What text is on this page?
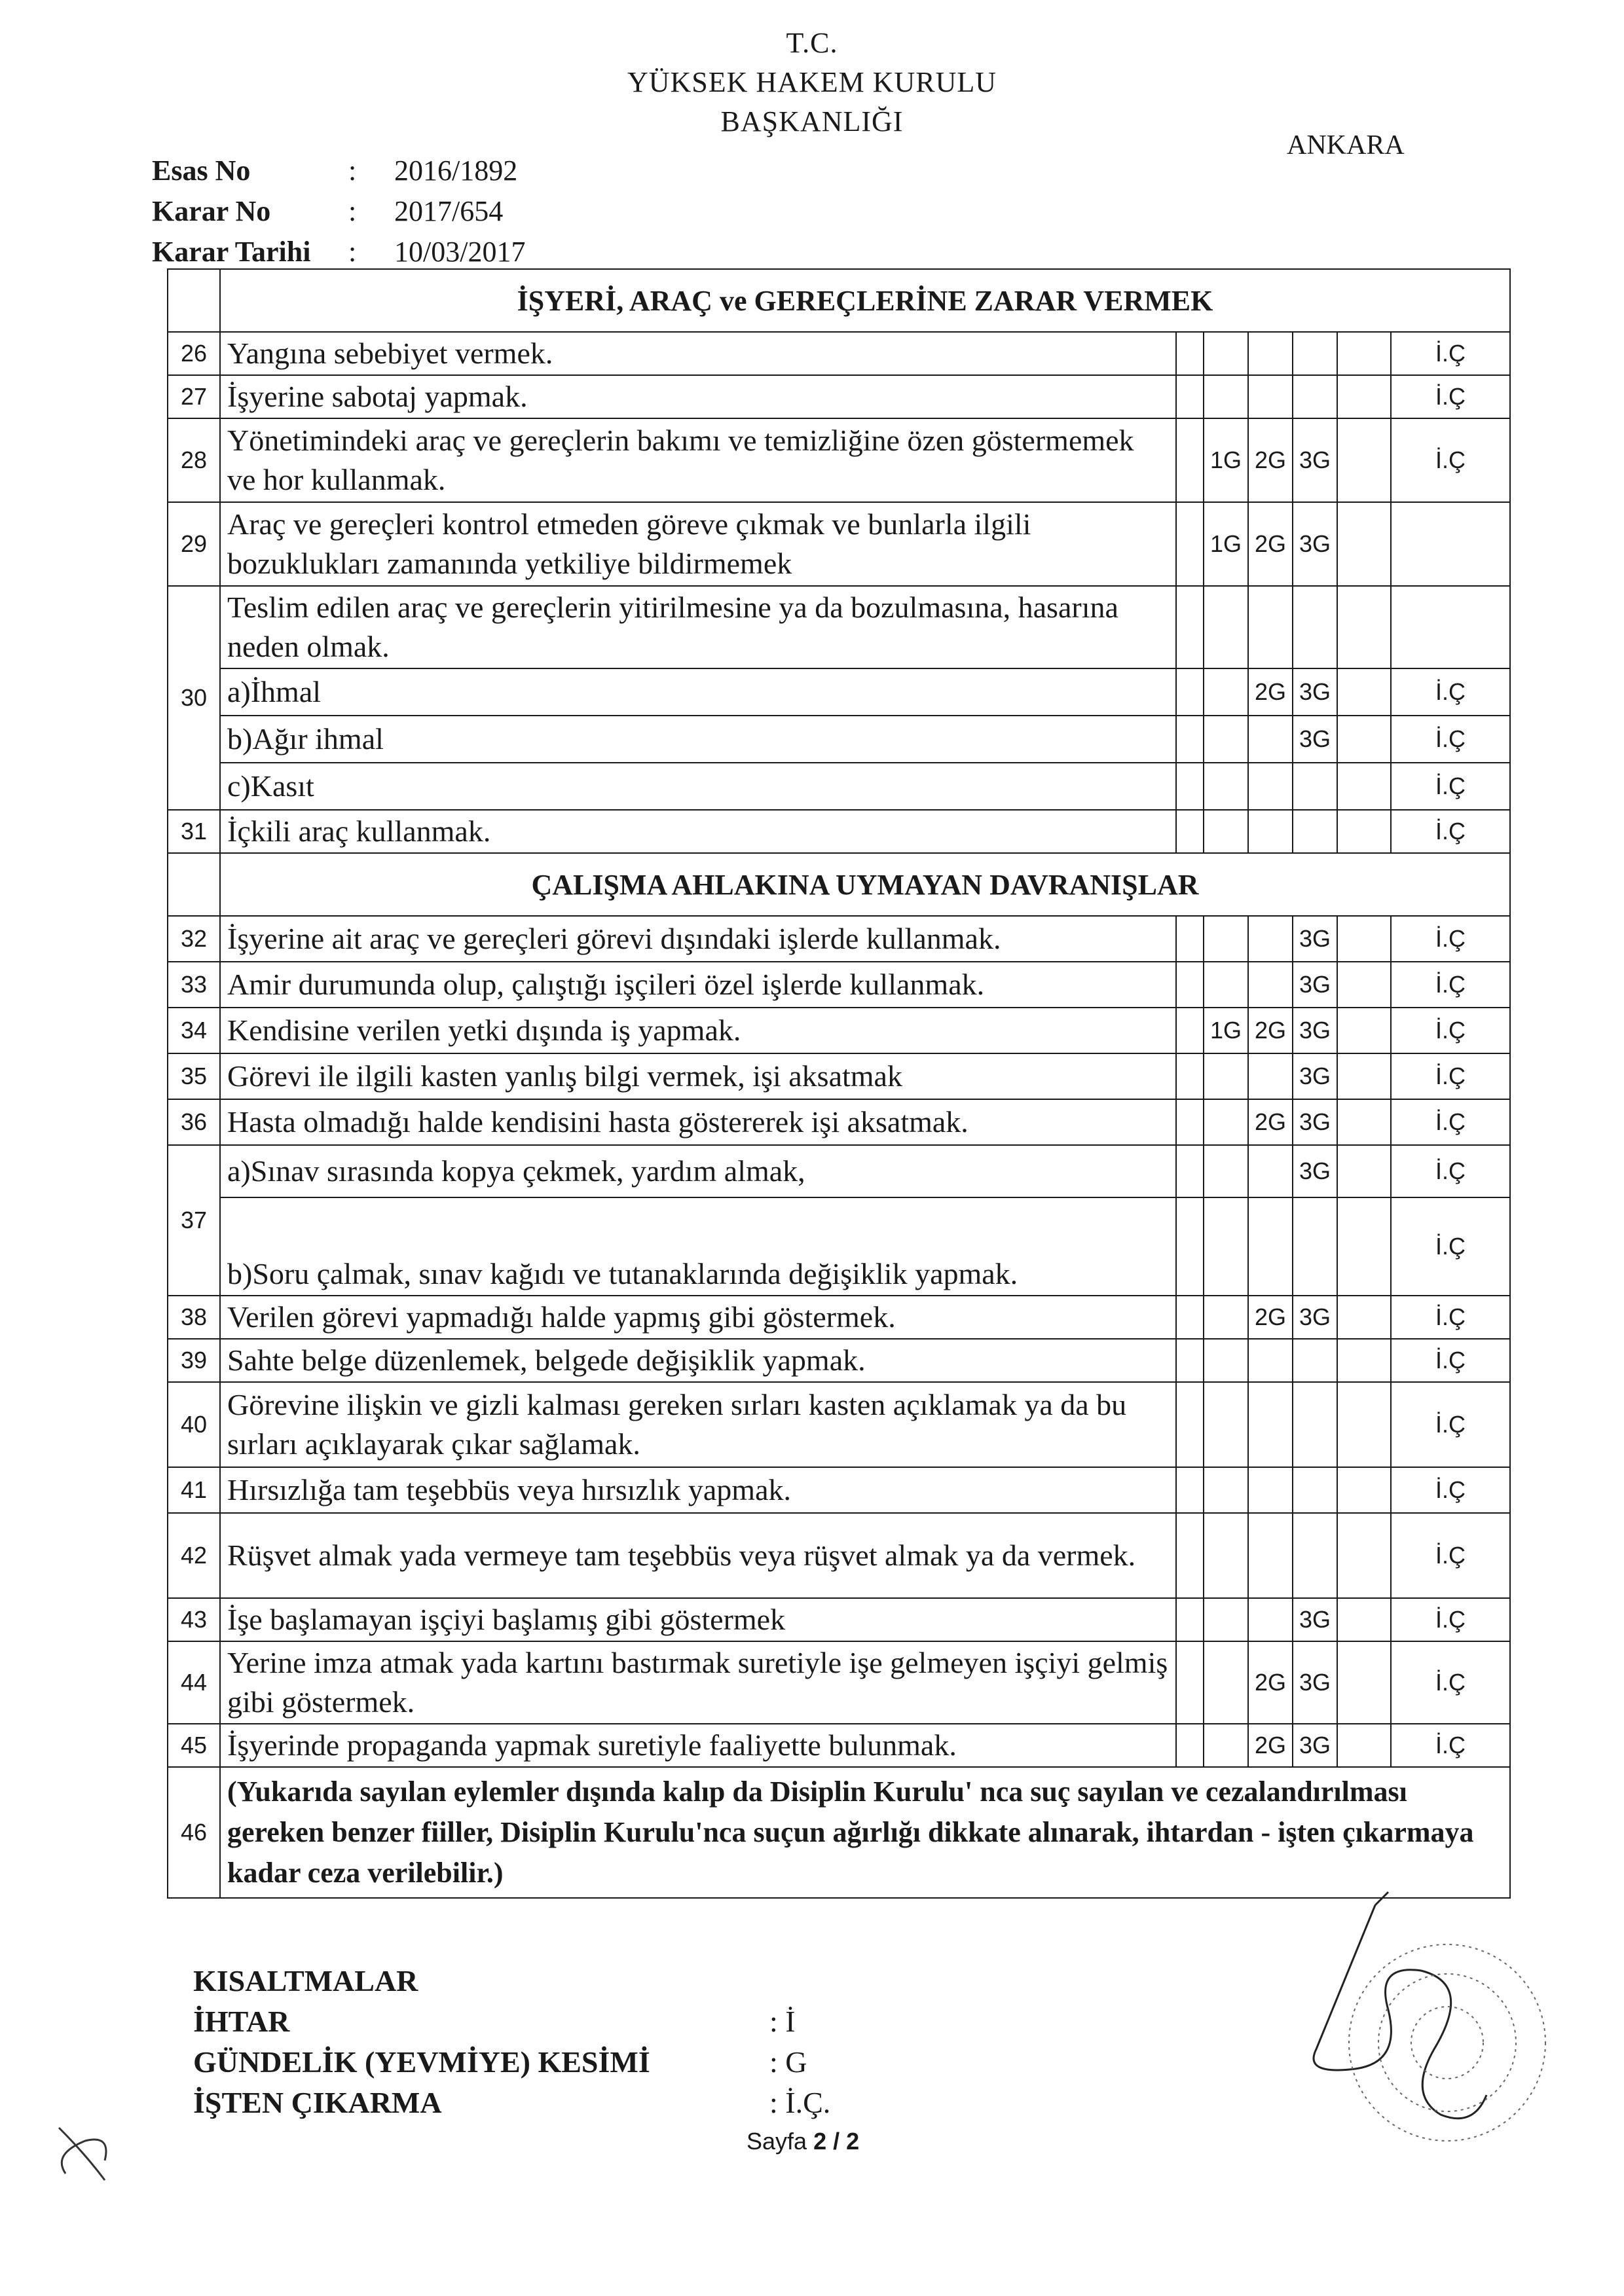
T.C.
YÜKSEK HAKEM KURULU
BAŞKANLIĞI
ANKARA
Esas No	:	2016/1892
Karar No	:	2017/654
Karar Tarihi	:	10/03/2017
	İŞYERİ, ARAÇ ve GEREÇLERİNE ZARAR VERMEK						
26	Yangına sebebiyet vermek.						İ.Ç
27	İşyerine sabotaj yapmak.						İ.Ç
28	Yönetimindeki araç ve gereçlerin bakımı ve temizliğine özen göstermemek ve hor kullanmak.		1G	2G	3G		İ.Ç
29	Araç ve gereçleri kontrol etmeden göreve çıkmak ve bunlarla ilgili bozuklukları zamanında yetkiliye bildirmemek		1G	2G	3G		
30	Teslim edilen araç ve gereçlerin yitirilmesine ya da bozulmasına, hasarına neden olmak.						
	a)İhmal			2G	3G		İ.Ç
	b)Ağır ihmal				3G		İ.Ç
	c)Kasıt						İ.Ç
31	İçkili araç kullanmak.						İ.Ç
	ÇALIŞMA AHLAKINA UYMAYAN DAVRANIŞLAR						
32	İşyerine ait araç ve gereçleri görevi dışındaki işlerde kullanmak.				3G		İ.Ç
33	Amir durumunda olup, çalıştığı işçileri özel işlerde kullanmak.				3G		İ.Ç
34	Kendisine verilen yetki dışında iş yapmak.		1G	2G	3G		İ.Ç
35	Görevi ile ilgili kasten yanlış bilgi vermek, işi aksatmak				3G		İ.Ç
36	Hasta olmadığı halde kendisini hasta göstererek işi aksatmak.			2G	3G		İ.Ç
37	a)Sınav sırasında kopya çekmek, yardım almak,				3G		İ.Ç
	b)Soru çalmak, sınav kağıdı ve tutanaklarında değişiklik yapmak.						İ.Ç
38	Verilen görevi yapmadığı halde yapmış gibi göstermek.			2G	3G		İ.Ç
39	Sahte belge düzenlemek, belgede değişiklik yapmak.						İ.Ç
40	Görevine ilişkin ve gizli kalması gereken sırları kasten açıklamak ya da bu sırları açıklayarak çıkar sağlamak.						İ.Ç
41	Hırsızlığa tam teşebbüs veya hırsızlık yapmak.						İ.Ç
42	Rüşvet almak yada vermeye tam teşebbüs veya rüşvet almak ya da vermek.						İ.Ç
43	İşe başlamayan işçiyi başlamış gibi göstermek				3G		İ.Ç
44	Yerine imza atmak yada kartını bastırmak suretiyle işe gelmeyen işçiyi gelmiş gibi göstermek.			2G	3G		İ.Ç
45	İşyerinde propaganda yapmak suretiyle faaliyette bulunmak.			2G	3G		İ.Ç
46	(Yukarıda sayılan eylemler dışında kalıp da Disiplin Kurulu' nca suç sayılan ve cezalandırılması gereken benzer fiiller, Disiplin Kurulu'nca suçun ağırlığı dikkate alınarak, ihtardan - işten çıkarmaya kadar ceza verilebilir.)						
KISALTMALAR
İHTAR	: İ
GÜNDELİK (YEVMİYE) KESİMİ	: G
İŞTEN ÇIKARMA	: İ.Ç.
Sayfa 2 / 2
